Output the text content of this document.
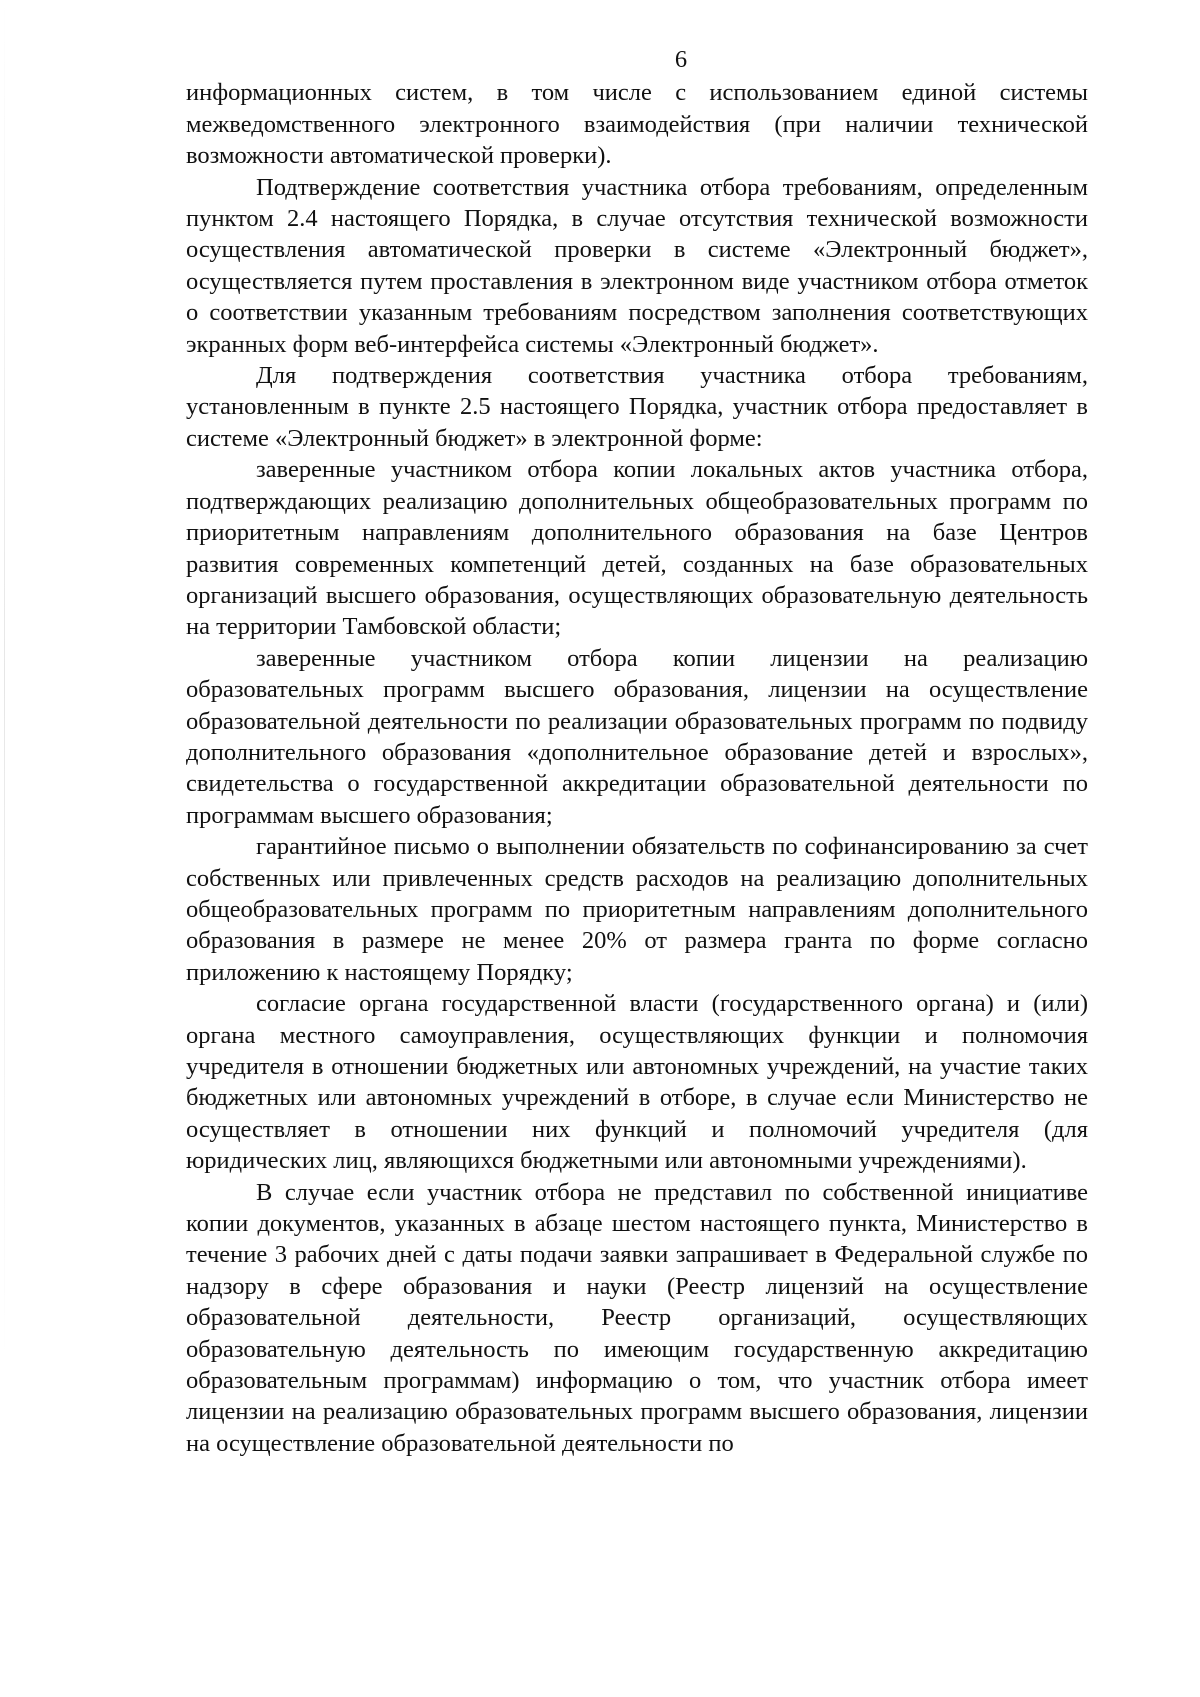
6

информационных систем, в том числе с использованием единой системы межведомственного электронного взаимодействия (при наличии технической возможности автоматической проверки).

Подтверждение соответствия участника отбора требованиям, определенным пунктом 2.4 настоящего Порядка, в случае отсутствия технической возможности осуществления автоматической проверки в системе «Электронный бюджет», осуществляется путем проставления в электронном виде участником отбора отметок о соответствии указанным требованиям посредством заполнения соответствующих экранных форм веб-интерфейса системы «Электронный бюджет».

Для подтверждения соответствия участника отбора требованиям, установленным в пункте 2.5 настоящего Порядка, участник отбора предоставляет в системе «Электронный бюджет» в электронной форме:

заверенные участником отбора копии локальных актов участника отбора, подтверждающих реализацию дополнительных общеобразовательных программ по приоритетным направлениям дополнительного образования на базе Центров развития современных компетенций детей, созданных на базе образовательных организаций высшего образования, осуществляющих образовательную деятельность на территории Тамбовской области;

заверенные участником отбора копии лицензии на реализацию образовательных программ высшего образования, лицензии на осуществление образовательной деятельности по реализации образовательных программ по подвиду дополнительного образования «дополнительное образование детей и взрослых», свидетельства о государственной аккредитации образовательной деятельности по программам высшего образования;

гарантийное письмо о выполнении обязательств по софинансированию за счет собственных или привлеченных средств расходов на реализацию дополнительных общеобразовательных программ по приоритетным направлениям дополнительного образования в размере не менее 20% от размера гранта по форме согласно приложению к настоящему Порядку;

согласие органа государственной власти (государственного органа) и (или) органа местного самоуправления, осуществляющих функции и полномочия учредителя в отношении бюджетных или автономных учреждений, на участие таких бюджетных или автономных учреждений в отборе, в случае если Министерство не осуществляет в отношении них функций и полномочий учредителя (для юридических лиц, являющихся бюджетными или автономными учреждениями).

В случае если участник отбора не представил по собственной инициативе копии документов, указанных в абзаце шестом настоящего пункта, Министерство в течение 3 рабочих дней с даты подачи заявки запрашивает в Федеральной службе по надзору в сфере образования и науки (Реестр лицензий на осуществление образовательной деятельности, Реестр организаций, осуществляющих образовательную деятельность по имеющим государственную аккредитацию образовательным программам) информацию о том, что участник отбора имеет лицензии на реализацию образовательных программ высшего образования, лицензии на осуществление образовательной деятельности по
